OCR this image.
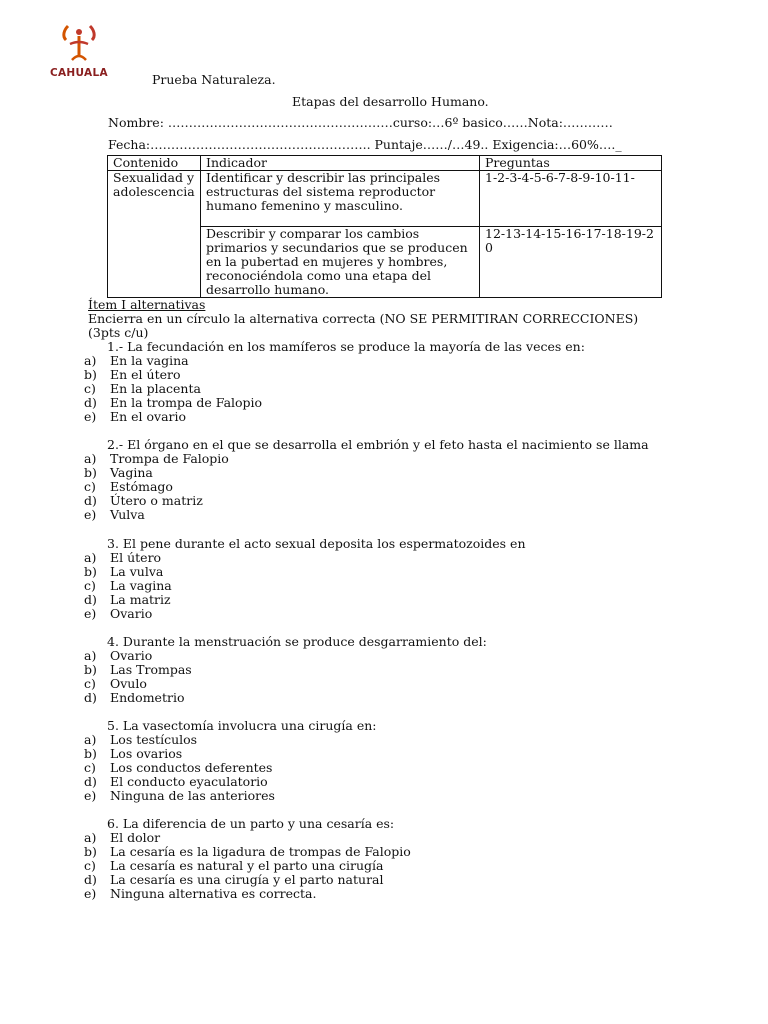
CAHUALA	Prueba Naturaleza.
Etapas del desarrollo Humano.
Nombre: ………………………………………………curso:…6º basico……Nota:…………
Fecha:…………………………………………….. Puntaje……/…49.. Exigencia:…60%…._
Contenido	Indicador	Preguntas
Sexualidad y adolescencia	Identificar y describir las principales estructuras del sistema reproductor humano femenino y masculino.	1-2-3-4-5-6-7-8-9-10-11-
	Describir y comparar los cambios primarios y secundarios que se producen en la pubertad en mujeres y hombres, reconociéndola como una etapa del desarrollo humano.	12-13-14-15-16-17-18-19-20
Ítem I alternativas
Encierra en un círculo la alternativa correcta (NO SE PERMITIRAN CORRECCIONES)
(3pts c/u)
1.- La fecundación en los mamíferos se produce la mayoría de las veces en:
a)	En la vagina
b)	En el útero
c)	En la placenta
d)	En la trompa de Falopio
e)	En el ovario
2.- El órgano en el que se desarrolla el embrión y el feto hasta el nacimiento se llama
a)	Trompa de Falopio
b)	Vagina
c)	Estómago
d)	Útero o matriz
e)	Vulva
3. El pene durante el acto sexual deposita los espermatozoides en
a)	El útero
b)	La vulva
c)	La vagina
d)	La matriz
e)	Ovario
4. Durante la menstruación se produce desgarramiento del:
a)	Ovario
b)	Las Trompas
c)	Ovulo
d)	Endometrio
5. La vasectomía involucra una cirugía en:
a)	Los testículos
b)	Los ovarios
c)	Los conductos deferentes
d)	El conducto eyaculatorio
e)	Ninguna de las anteriores
6. La diferencia de un parto y una cesaría es:
a)	El dolor
b)	La cesaría es la ligadura de trompas de Falopio
c)	La cesaría es natural y el parto una cirugía
d)	La cesaría es una cirugía y el parto natural
e)	Ninguna alternativa es correcta.
